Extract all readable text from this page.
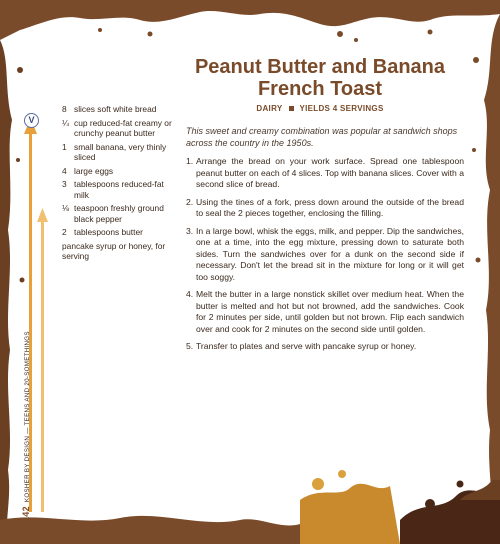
V
Peanut Butter and Banana
French Toast
DAIRY YIELDS 4 SERVINGS

This sweet and creamy combination was popular at sandwich shops across the country in the 1950s.

8 slices soft white bread
¼ cup reduced-fat creamy or crunchy peanut butter
1 small banana, very thinly sliced
4 large eggs
3 tablespoons reduced-fat milk
⅛ teaspoon freshly ground black pepper
2 tablespoons butter
pancake syrup or honey, for serving
1. Arrange the bread on your work surface. Spread one tablespoon peanut butter on each of 4 slices. Top with banana slices. Cover with a second slice of bread.
2. Using the tines of a fork, press down around the outside of the bread to seal the 2 pieces together, enclosing the filling.
3. In a large bowl, whisk the eggs, milk, and pepper. Dip the sandwiches, one at a time, into the egg mixture, pressing down to saturate both sides. Turn the sandwiches over for a dunk on the second side if necessary. Don't let the bread sit in the mixture for long or it will get too soggy.
4. Melt the butter in a large nonstick skillet over medium heat. When the butter is melted and hot but not browned, add the sandwiches. Cook for 2 minutes per side, until golden but not brown. Flip each sandwich over and cook for 2 minutes on the second side until golden.
5. Transfer to plates and serve with pancake syrup or honey.
142KOSHER BY DESIGN — TEENS AND 20-SOMETHINGS
